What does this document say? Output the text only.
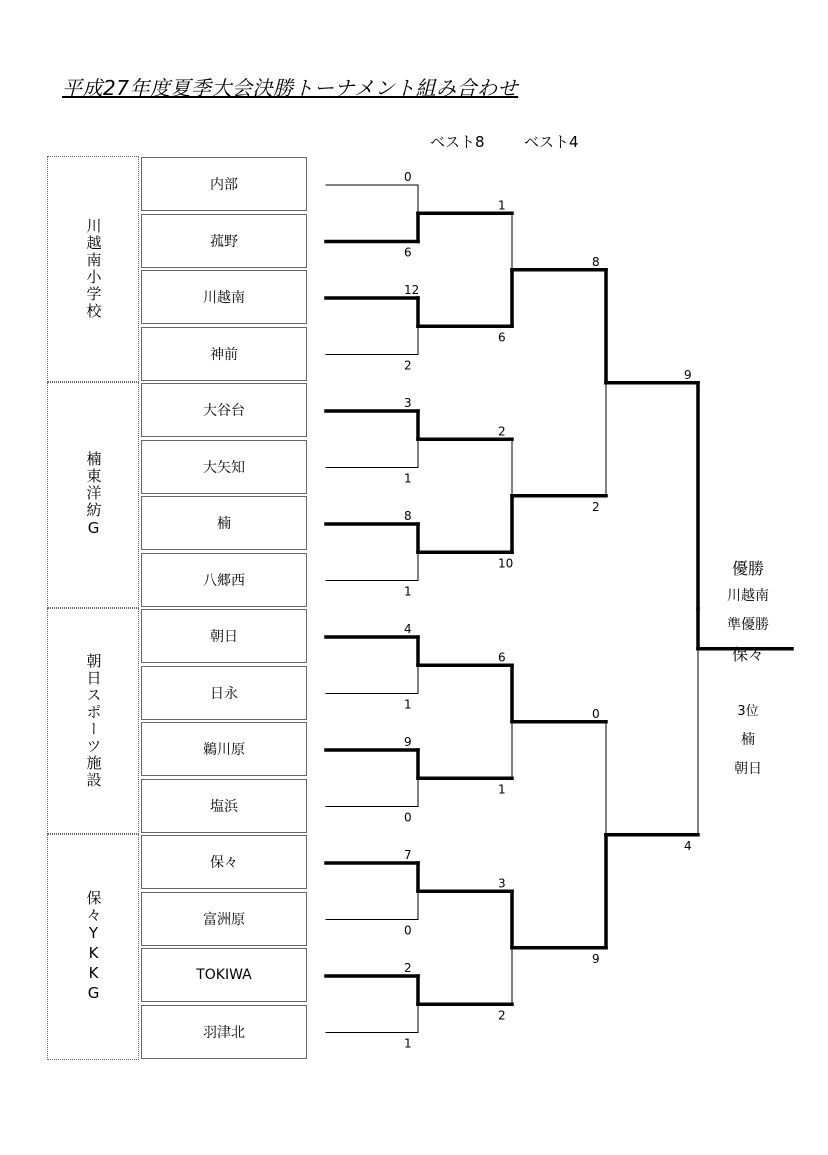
平成27年度夏季大会決勝トーナメント組み合わせ
ベスト8	ベスト4
川越南小学校
楠東洋紡G
朝日スポーツ施設
保々YKKG
内部
菰野
川越南
神前
大谷台
大矢知
楠
八郷西
朝日
日永
鵜川原
塩浜
保々
富洲原
TOKIWA
羽津北
0
6
12
2
3
1
8
1
4
1
9
0
7
0
2
1
1
6
2
10
6
1
3
2
8
2
0
9
9
4
優勝
川越南
準優勝
保々
3位
楠
朝日
